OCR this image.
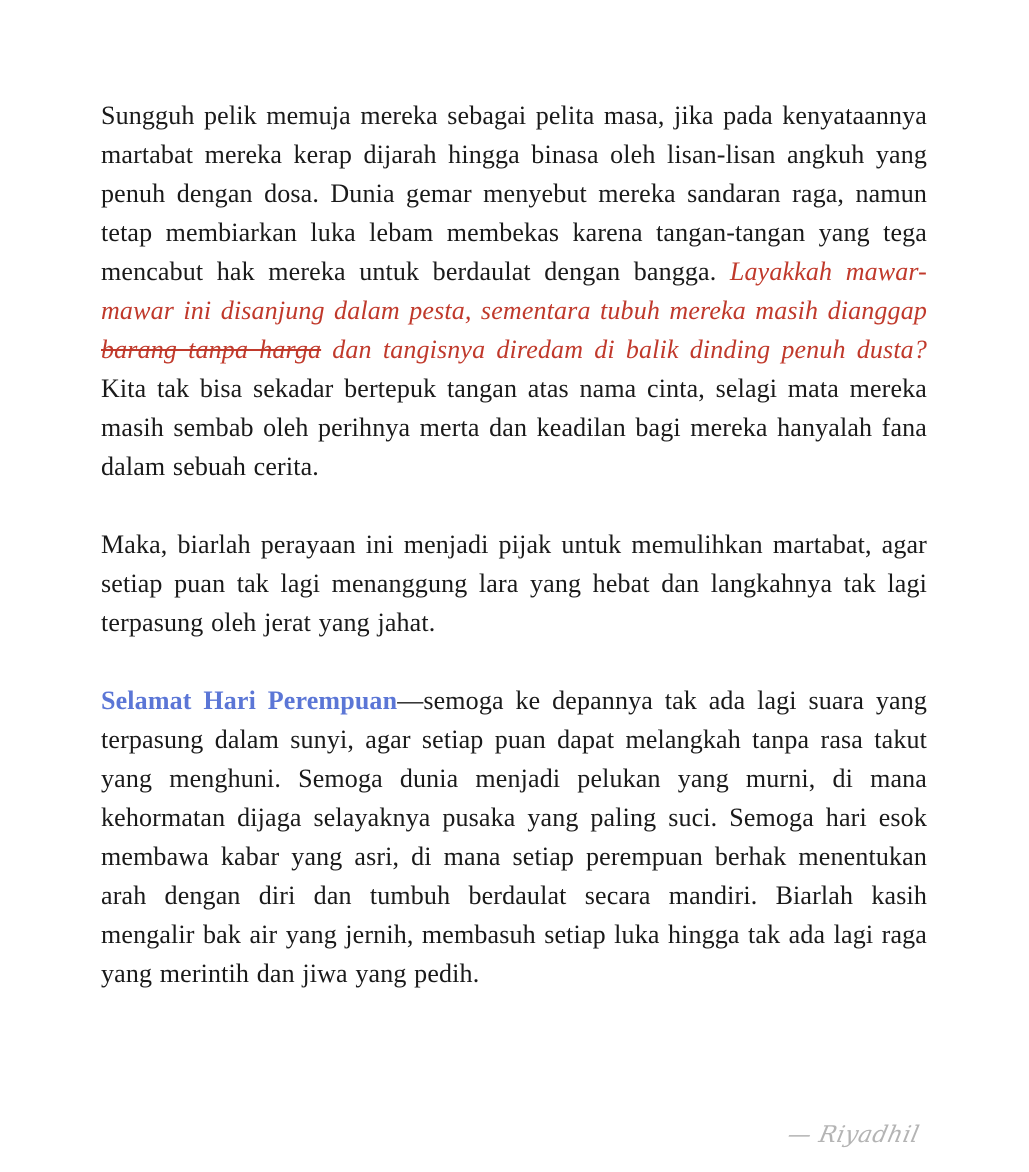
Sungguh pelik memuja mereka sebagai pelita masa, jika pada kenyataannya martabat mereka kerap dijarah hingga binasa oleh lisan-lisan angkuh yang penuh dengan dosa. Dunia gemar menyebut mereka sandaran raga, namun tetap membiarkan luka lebam membekas karena tangan-tangan yang tega mencabut hak mereka untuk berdaulat dengan bangga. Layakkah mawar-mawar ini disanjung dalam pesta, sementara tubuh mereka masih dianggap barang tanpa harga dan tangisnya diredam di balik dinding penuh dusta? Kita tak bisa sekadar bertepuk tangan atas nama cinta, selagi mata mereka masih sembab oleh perihnya merta dan keadilan bagi mereka hanyalah fana dalam sebuah cerita.

Maka, biarlah perayaan ini menjadi pijak untuk memulihkan martabat, agar setiap puan tak lagi menanggung lara yang hebat dan langkahnya tak lagi terpasung oleh jerat yang jahat.

Selamat Hari Perempuan—semoga ke depannya tak ada lagi suara yang terpasung dalam sunyi, agar setiap puan dapat melangkah tanpa rasa takut yang menghuni. Semoga dunia menjadi pelukan yang murni, di mana kehormatan dijaga selayaknya pusaka yang paling suci. Semoga hari esok membawa kabar yang asri, di mana setiap perempuan berhak menentukan arah dengan diri dan tumbuh berdaulat secara mandiri. Biarlah kasih mengalir bak air yang jernih, membasuh setiap luka hingga tak ada lagi raga yang merintih dan jiwa yang pedih.

— Riyadhil
